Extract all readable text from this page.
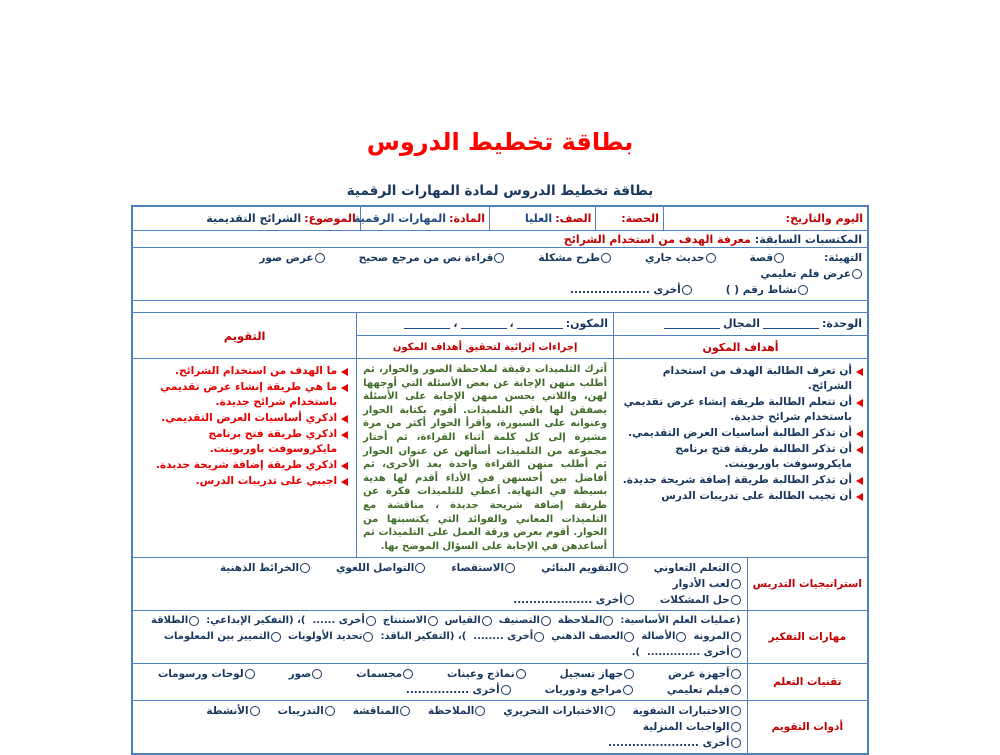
بطاقة تخطيط الدروس
بطاقة تخطيط الدروس لمادة المهارات الرقمية
اليوم والتاريخ:
الحصة:
الصف:
العليا
المادة:
المهارات الرقمية
الموضوع:
الشرائح التقديمية
المكتسبات السابقة:
معرفة الهدف من استخدام الشرائح
التهيئة:
قصة
حديث جاري
طرح مشكلة
قراءة نص من مرجع صحيح
عرض صور
عرض فلم تعليمي
نشاط رقم ( )
أخرى ....................
الوحدة:
المجال
أهداف المكون
أن تعرف الطالبة الهدف من استخدام الشرائح.
أن تتعلم الطالبة طريقة إنشاء عرض تقديمي باستخدام شرائح جديدة.
أن تذكر الطالبة أساسيات العرض التقديمي.
أن تذكر الطالبة طريقة فتح برنامج مايكروسوفت باوربوينت.
أن تذكر الطالبة طريقة إضافة شريحة جديدة.
أن تجيب الطالبة على تدريبات الدرس
المكون:
،
،
إجراءات إثرائية لتحقيق أهداف المكون
أترك التلميذات دقيقة لملاحظة الصور والحوار، ثم أطلب منهن الإجابة عن بعض الأسئلة التي أوجهها لهن، واللاتي يحسن منهن الإجابة على الأسئلة يصفقن لها باقي التلميذات. أقوم بكتابة الحوار وعنوانه على السبورة، وأقرأ الحوار أكثر من مرة مشيرة إلى كل كلمة أثناء القراءة، ثم أختار مجموعة من التلميذات أسألهن عن عنوان الحوار ثم أطلب منهن القراءة واحدة بعد الأخرى، ثم أفاضل بين أحسنهن في الأداء أقدم لها هدية بسيطة في النهاية. أعطي للتلميذات فكرة عن طريقة إضافة شريحة جديدة ، مناقشة مع التلميذات المعاني والفوائد التي يكتسبنها من الحوار. أقوم بعرض ورقة العمل على التلميذات ثم أساعدهن في الإجابة على السؤال الموضح بها.
التقويم
ما الهدف من استخدام الشرائح.
ما هي طريقة إنشاء عرض تقديمي باستخدام شرائح جديدة.
اذكري أساسيات العرض التقديمي.
اذكري طريقة فتح برنامج مايكروسوفت باوربوينت.
اذكري طريقة إضافة شريحة جديدة.
اجيبي على تدريبات الدرس.
استراتيجيات التدريس
التعلم التعاوني
التقويم البنائي
الاستقصاء
التواصل اللغوي
الخرائط الذهنية
لعب الأدوار
حل المشكلات
أخرى ....................
مهارات التفكير
(عمليات العلم الأساسية:
الملاحظة
التصنيف
القياس
الاستنتاج
أخرى ......
)، (التفكير الإبداعي:
الطلاقة
المرونة
الأصالة
العصف الذهني
أخرى ........
)، (التفكير الناقد:
تحديد الأولويات
التمييز بين المعلومات
أخرى ..............
).
تقنيات التعلم
أجهزة عرض
جهاز تسجيل
نماذج وعينات
مجسمات
صور
لوحات ورسومات
فيلم تعليمي
مراجع ودوريات
أخرى ................
أدوات التقويم
الاختبارات الشفوية
الاختبارات التحريري
الملاحظة
المناقشة
التدريبات
الأنشطة
الواجبات المنزلية
أخرى .......................
